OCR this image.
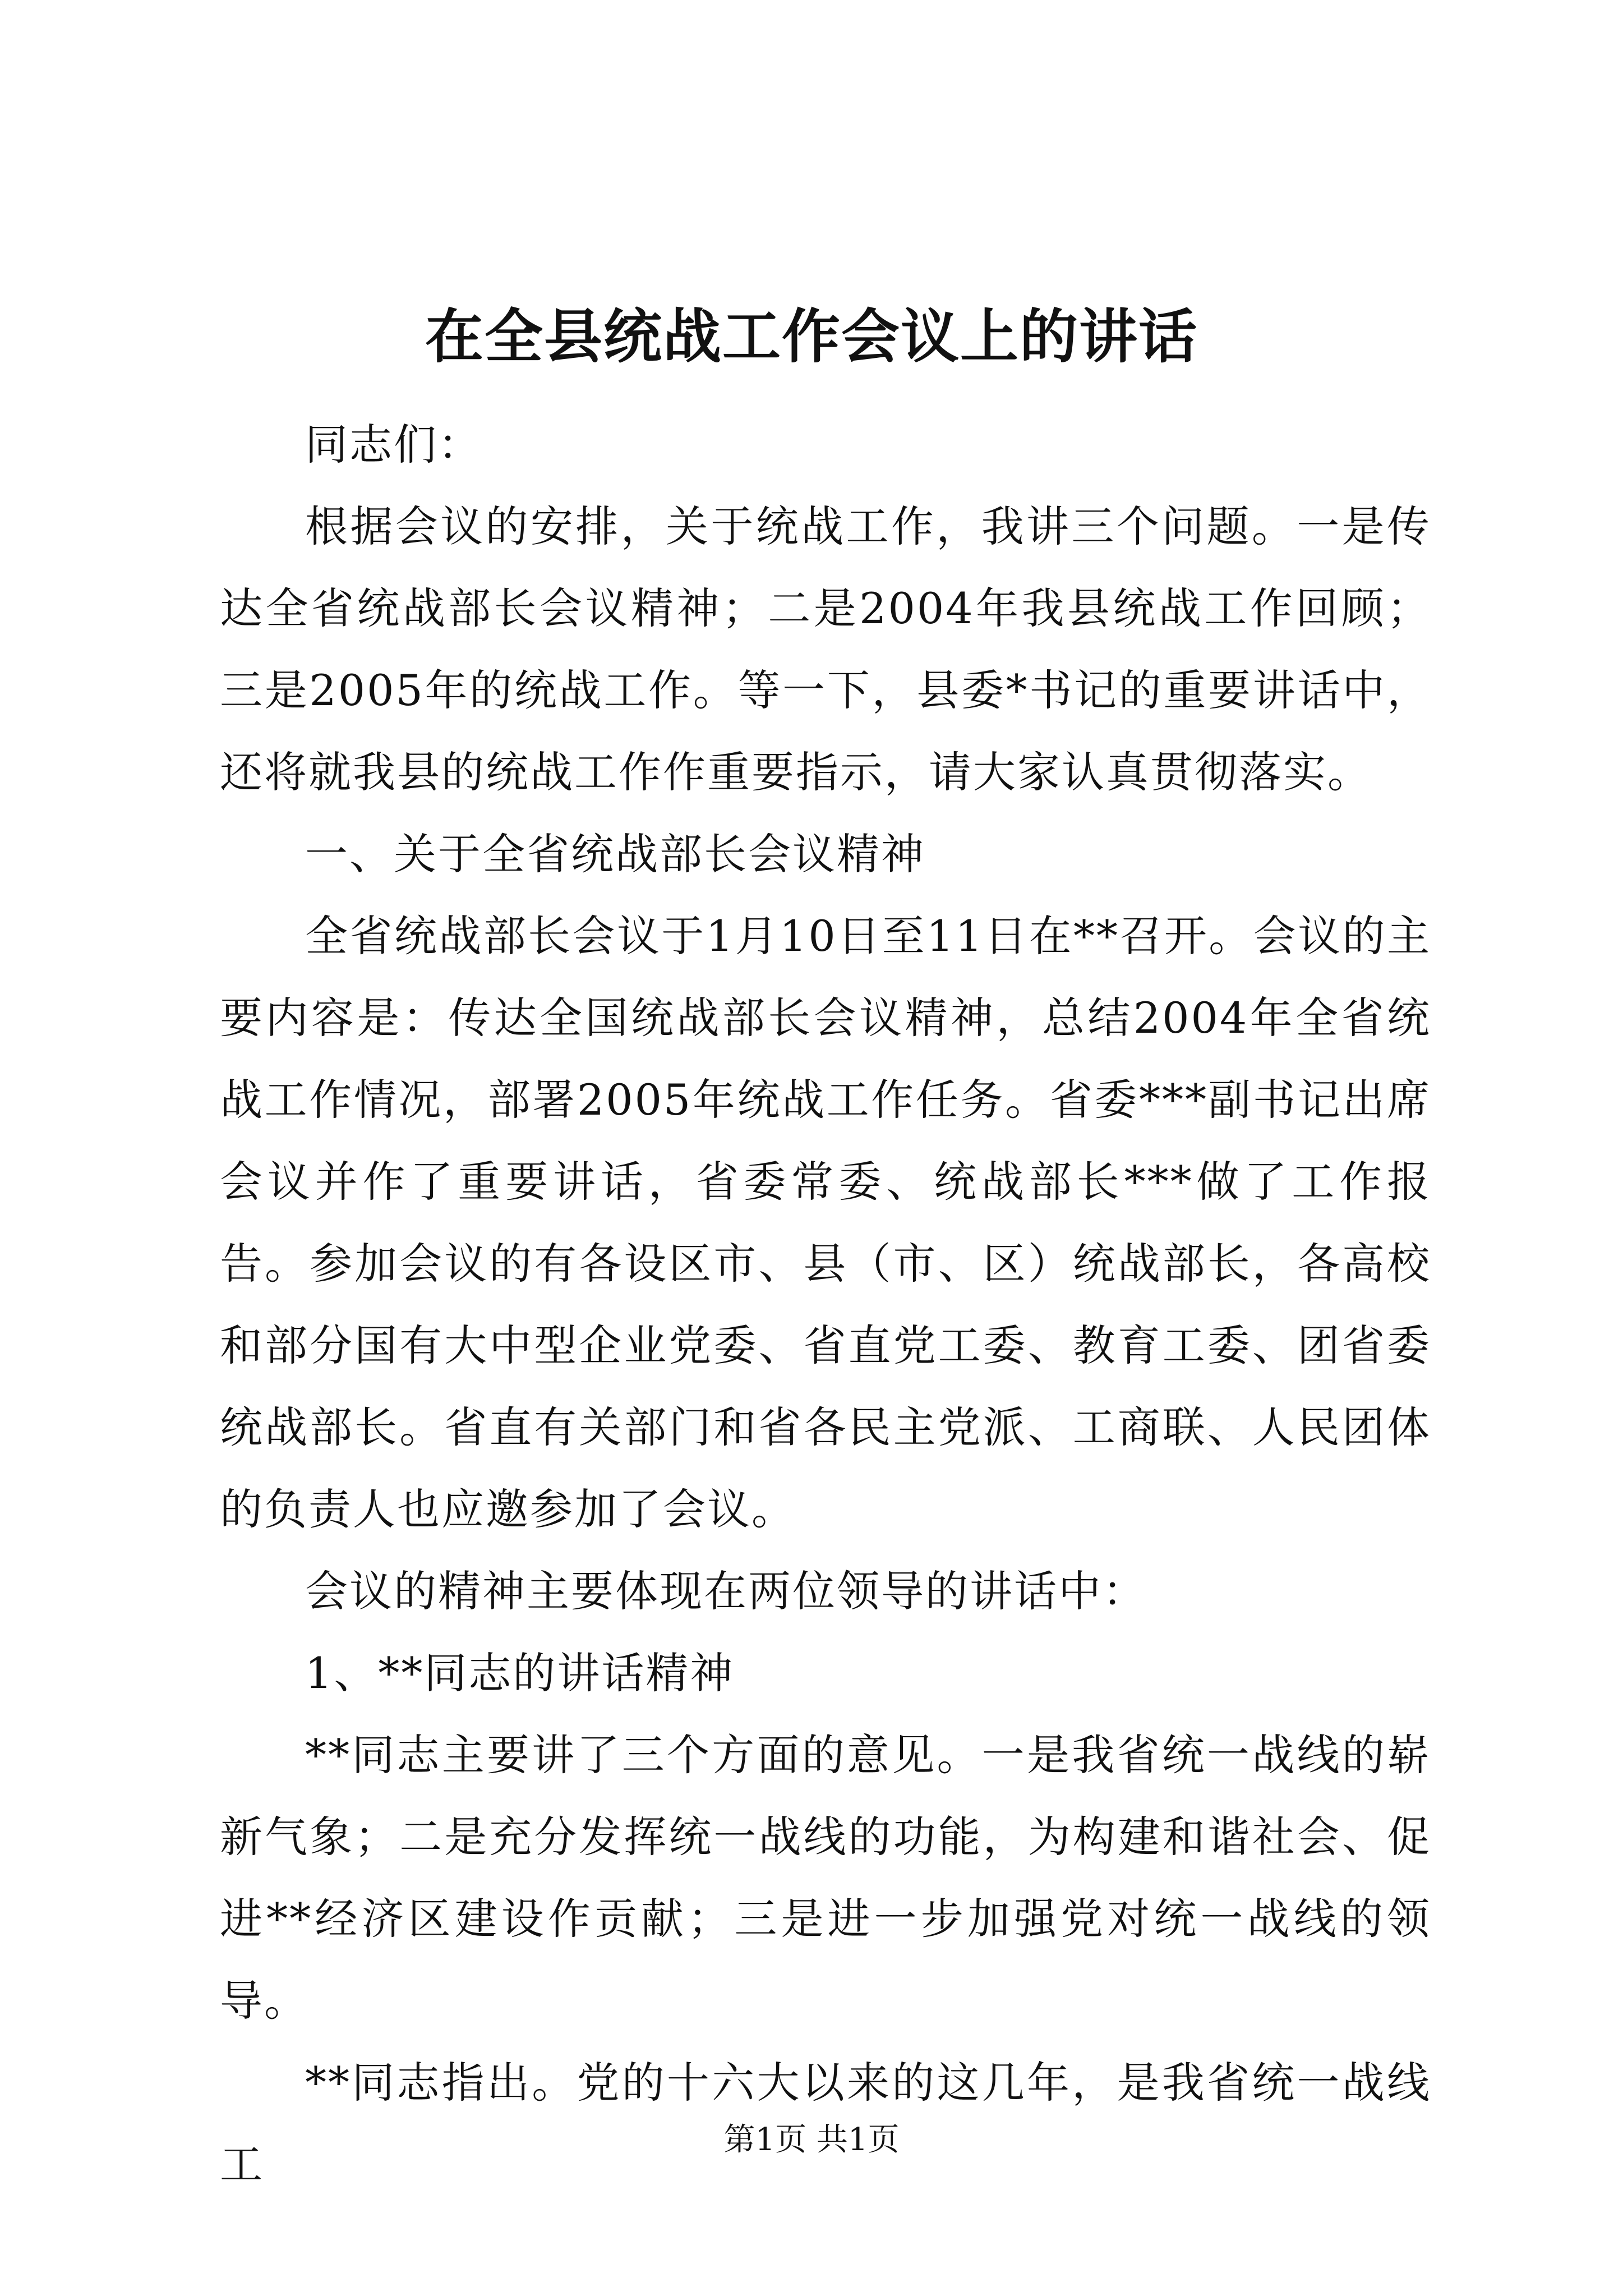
在全县统战工作会议上的讲话

同志们：

根据会议的安排，关于统战工作，我讲三个问题。一是传达全省统战部长会议精神；二是2004年我县统战工作回顾；三是2005年的统战工作。等一下，县委*书记的重要讲话中，还将就我县的统战工作作重要指示，请大家认真贯彻落实。

一、关于全省统战部长会议精神

全省统战部长会议于1月10日至11日在**召开。会议的主要内容是：传达全国统战部长会议精神，总结2004年全省统战工作情况，部署2005年统战工作任务。省委***副书记出席会议并作了重要讲话，省委常委、统战部长***做了工作报告。参加会议的有各设区市、县（市、区）统战部长，各高校和部分国有大中型企业党委、省直党工委、教育工委、团省委统战部长。省直有关部门和省各民主党派、工商联、人民团体的负责人也应邀参加了会议。

会议的精神主要体现在两位领导的讲话中：

1、**同志的讲话精神

**同志主要讲了三个方面的意见。一是我省统一战线的崭新气象；二是充分发挥统一战线的功能，为构建和谐社会、促进**经济区建设作贡献；三是进一步加强党对统一战线的领导。

**同志指出。党的十六大以来的这几年，是我省统一战线工	第1页 共1页
